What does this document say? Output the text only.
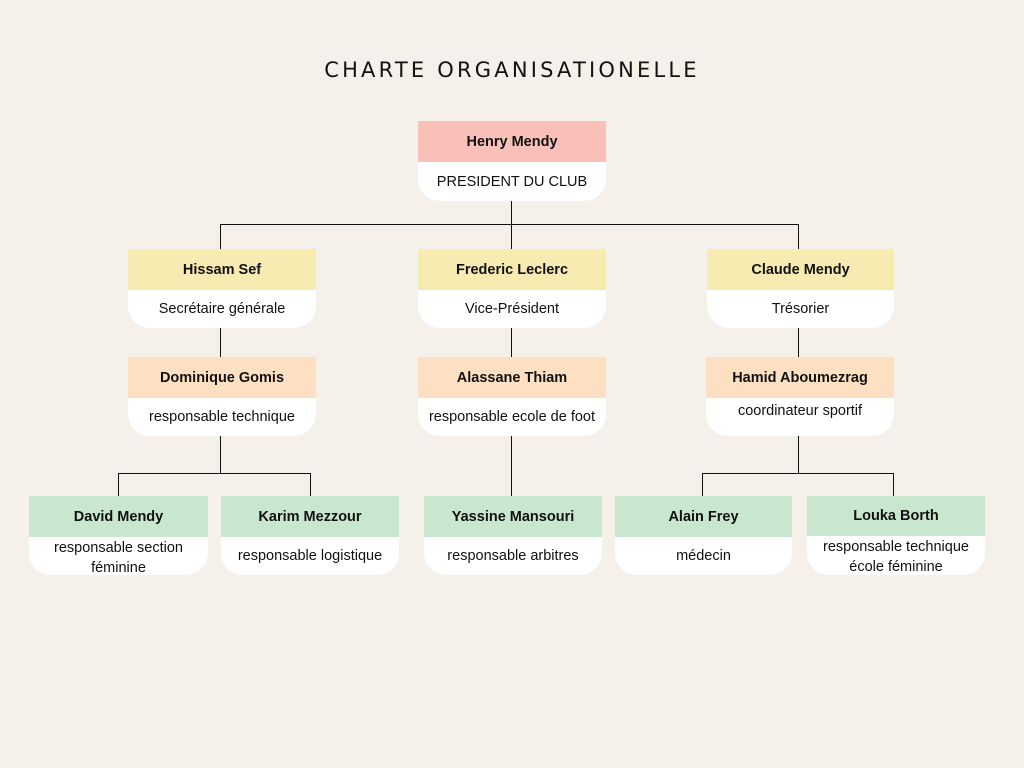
CHARTE ORGANISATIONELLE
Henry Mendy
PRESIDENT DU CLUB
Hissam Sef
Secrétaire générale
Frederic Leclerc
Vice-Président
Claude Mendy
Trésorier
Dominique Gomis
responsable technique
Alassane Thiam
responsable ecole de foot
Hamid Aboumezrag
coordinateur sportif
David Mendy
responsable section féminine
Karim Mezzour
responsable logistique
Yassine Mansouri
responsable arbitres
Alain Frey
médecin
Louka Borth
responsable technique école féminine
